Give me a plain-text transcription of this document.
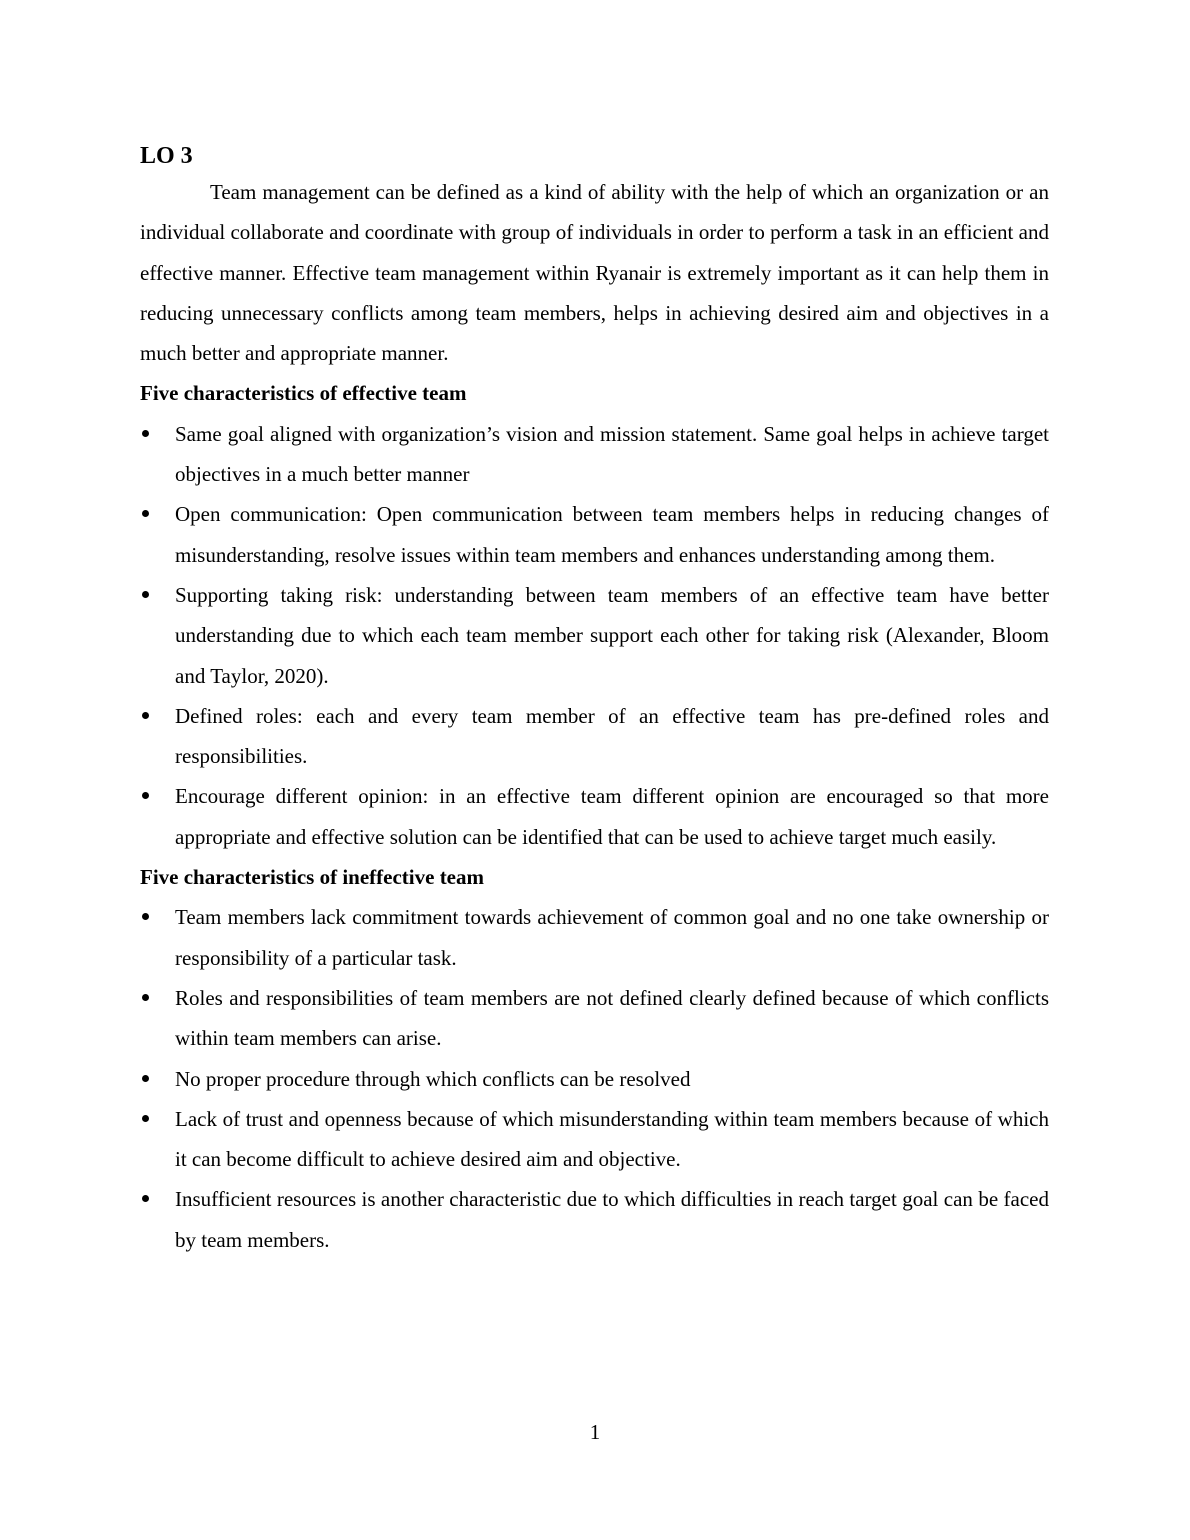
LO 3

Team management can be defined as a kind of ability with the help of which an organization or an individual collaborate and coordinate with group of individuals in order to perform a task in an efficient and effective manner. Effective team management within Ryanair is extremely important as it can help them in reducing unnecessary conflicts among team members, helps in achieving desired aim and objectives in a much better and appropriate manner.

Five characteristics of effective team

Same goal aligned with organization’s vision and mission statement. Same goal helps in achieve target objectives in a much better manner
Open communication: Open communication between team members helps in reducing changes of misunderstanding, resolve issues within team members and enhances understanding among them.
Supporting taking risk: understanding between team members of an effective team have better understanding due to which each team member support each other for taking risk (Alexander, Bloom and Taylor, 2020).
Defined roles: each and every team member of an effective team has pre-defined roles and responsibilities.
Encourage different opinion: in an effective team different opinion are encouraged so that more appropriate and effective solution can be identified that can be used to achieve target much easily.

Five characteristics of ineffective team

Team members lack commitment towards achievement of common goal and no one take ownership or responsibility of a particular task.
Roles and responsibilities of team members are not defined clearly defined because of which conflicts within team members can arise.
No proper procedure through which conflicts can be resolved
Lack of trust and openness because of which misunderstanding within team members because of which it can become difficult to achieve desired aim and objective.
Insufficient resources is another characteristic due to which difficulties in reach target goal can be faced by team members.
1
